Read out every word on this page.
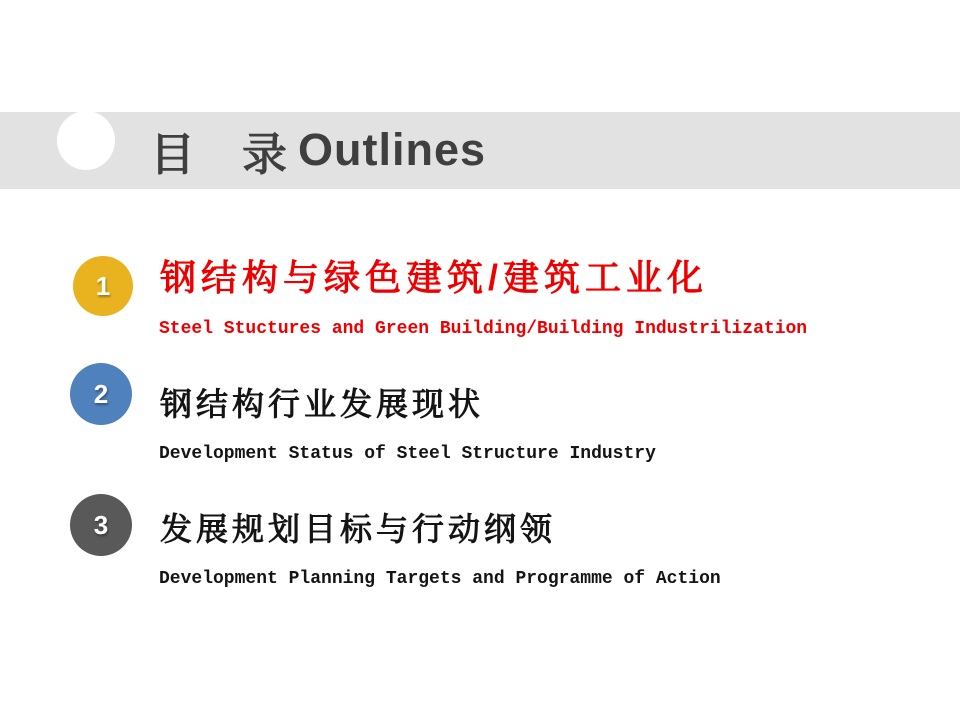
目　录 Outlines
1 钢结构与绿色建筑/建筑工业化
Steel Stuctures and Green Building/Building Industrilization
2 钢结构行业发展现状
Development Status of Steel Structure Industry
3 发展规划目标与行动纲领
Development Planning Targets and Programme of Action
